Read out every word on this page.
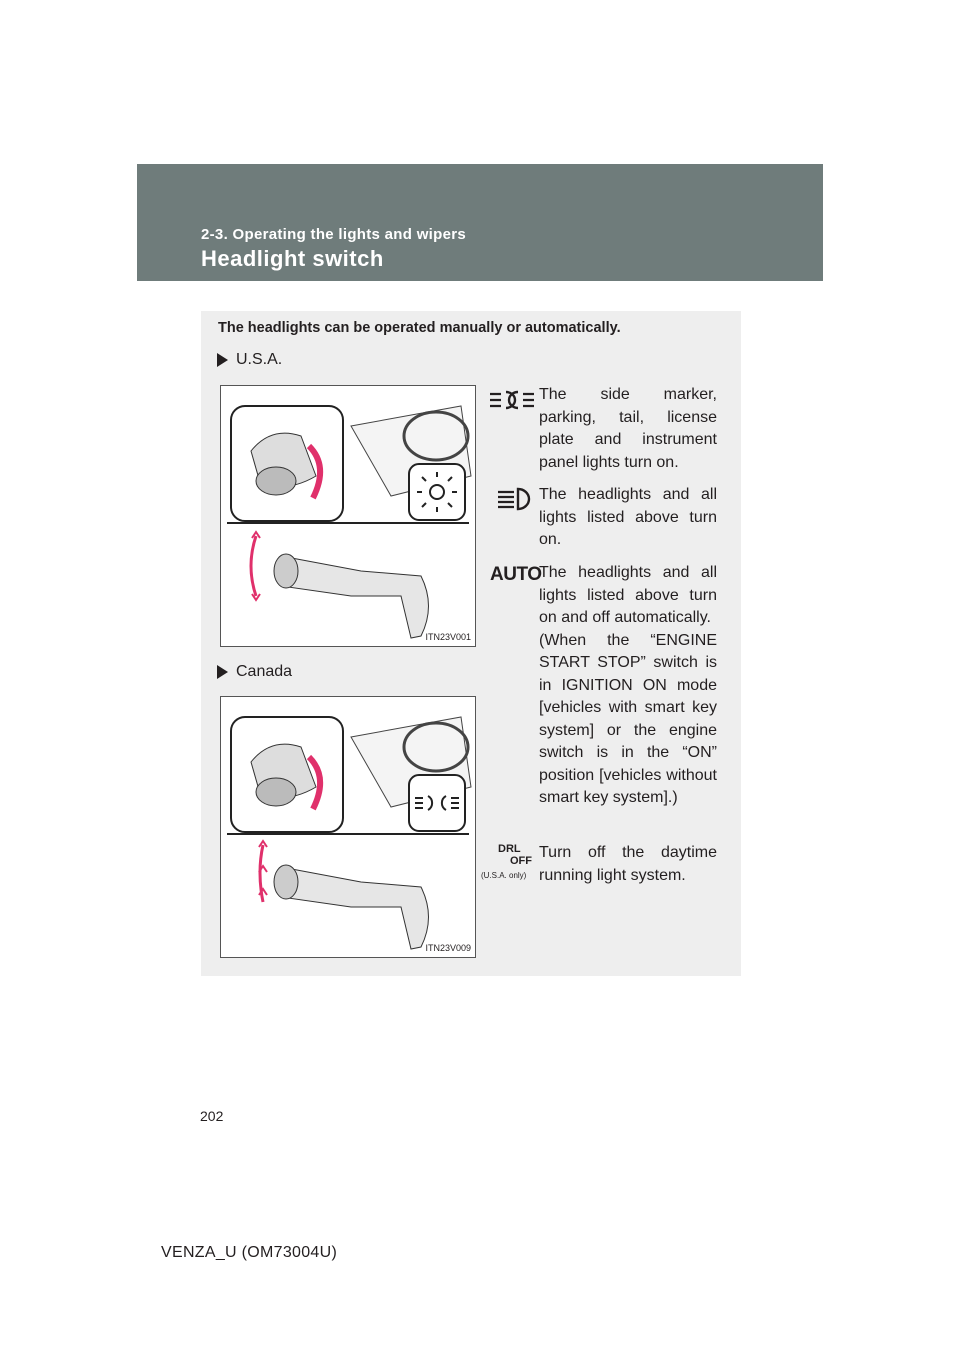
2-3. Operating the lights and wipers
Headlight switch
The headlights can be operated manually or automatically.
U.S.A.
ITN23V001
Canada
ITN23V009
The side marker, parking, tail, license plate and instrument panel lights turn on.
The headlights and all lights listed above turn on.
AUTO
The headlights and all lights listed above turn on and off automatically.
(When the “ENGINE START STOP” switch is in IGNITION ON mode [vehicles with smart key system] or the engine switch is in the “ON” position [vehicles without smart key system].)
DRL
OFF
(U.S.A. only)
Turn off the daytime running light system.
202
VENZA_U (OM73004U)
